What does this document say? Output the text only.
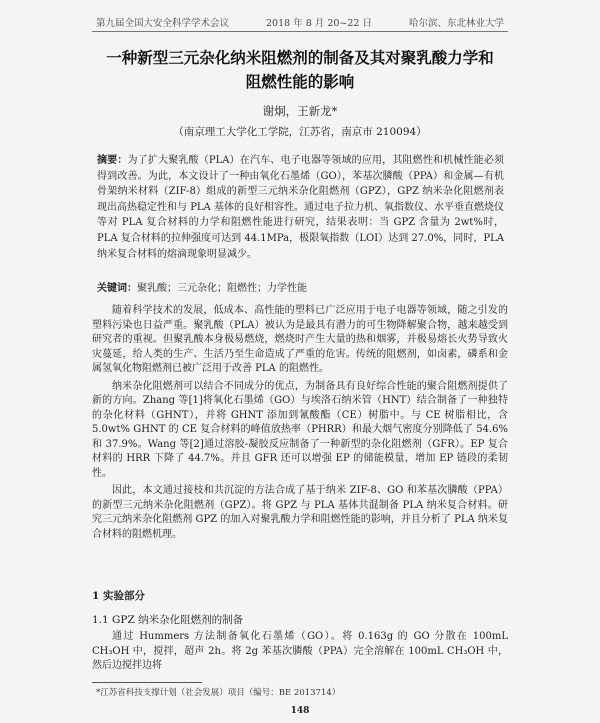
第九届全国大安全科学学术会议	2018 年 8 月 20~22 日	哈尔滨、东北林业大学
一种新型三元杂化纳米阻燃剂的制备及其对聚乳酸力学和阻燃性能的影响
谢炯，王新龙*
（南京理工大学化工学院，江苏省，南京市 210094）
摘要：为了扩大聚乳酸（PLA）在汽车、电子电器等领域的应用，其阻燃性和机械性能必须得到改善。为此，本文设计了一种由氧化石墨烯（GO），苯基次膦酸（PPA）和金属—有机骨架纳米材料（ZIF-8）组成的新型三元纳米杂化阻燃剂（GPZ），GPZ 纳米杂化阻燃剂表现出高热稳定性和与 PLA 基体的良好相容性。通过电子拉力机、氧指数仪、水平垂直燃烧仪等对 PLA 复合材料的力学和阻燃性能进行研究，结果表明：当 GPZ 含量为 2wt%时，PLA 复合材料的拉伸强度可达到 44.1MPa，极限氧指数（LOI）达到 27.0%，同时，PLA 纳米复合材料的熔滴现象明显减少。
关键词：聚乳酸；三元杂化；阻燃性；力学性能

随着科学技术的发展，低成本、高性能的塑料已广泛应用于电子电器等领域，随之引发的塑料污染也日益严重。聚乳酸（PLA）被认为是最具有潜力的可生物降解聚合物，越来越受到研究者的重视。但聚乳酸本身极易燃烧，燃烧时产生大量的热和烟雾，并极易熔长火势导致火灾蔓延，给人类的生产、生活乃至生命造成了严重的危害。传统的阻燃剂，如卤素，磷系和金属氢氧化物阻燃剂已被广泛用于改善 PLA 的阻燃性。

纳米杂化阻燃剂可以结合不同成分的优点，为制备具有良好综合性能的聚合阻燃剂提供了新的方向。Zhang 等[1]将氧化石墨烯（GO）与埃洛石纳米管（HNT）结合制备了一种独特的杂化材料（GHNT），并将 GHNT 添加到氰酸酯（CE）树脂中。与 CE 树脂相比，含 5.0wt% GHNT 的 CE 复合材料的峰值放热率（PHRR）和最大烟气密度分别降低了 54.6%和 37.9%。Wang 等[2]通过溶胶-凝胶反应制备了一种新型的杂化阻燃剂（GFR）。EP 复合材料的 HRR 下降了 44.7%。并且 GFR 还可以增强 EP 的储能模量，增加 EP 链段的柔韧性。

因此，本文通过接枝和共沉淀的方法合成了基于纳米 ZIF-8、GO 和苯基次膦酸（PPA）的新型三元纳米杂化阻燃剂（GPZ）。将 GPZ 与 PLA 基体共混制备 PLA 纳米复合材料。研究三元纳米杂化阻燃剂 GPZ 的加入对聚乳酸力学和阻燃性能的影响，并且分析了 PLA 纳米复合材料的阻燃机理。

1 实验部分
1.1 GPZ 纳米杂化阻燃剂的制备

通过 Hummers 方法制备氧化石墨烯（GO）。将 0.163g 的 GO 分散在 100mL CH₃OH 中，搅拌，超声 2h。将 2g 苯基次膦酸（PPA）完全溶解在 100mL CH₃OH 中，然后边搅拌边将

*江苏省科技支撑计划（社会发展）项目（编号：BE 2013714）
148
